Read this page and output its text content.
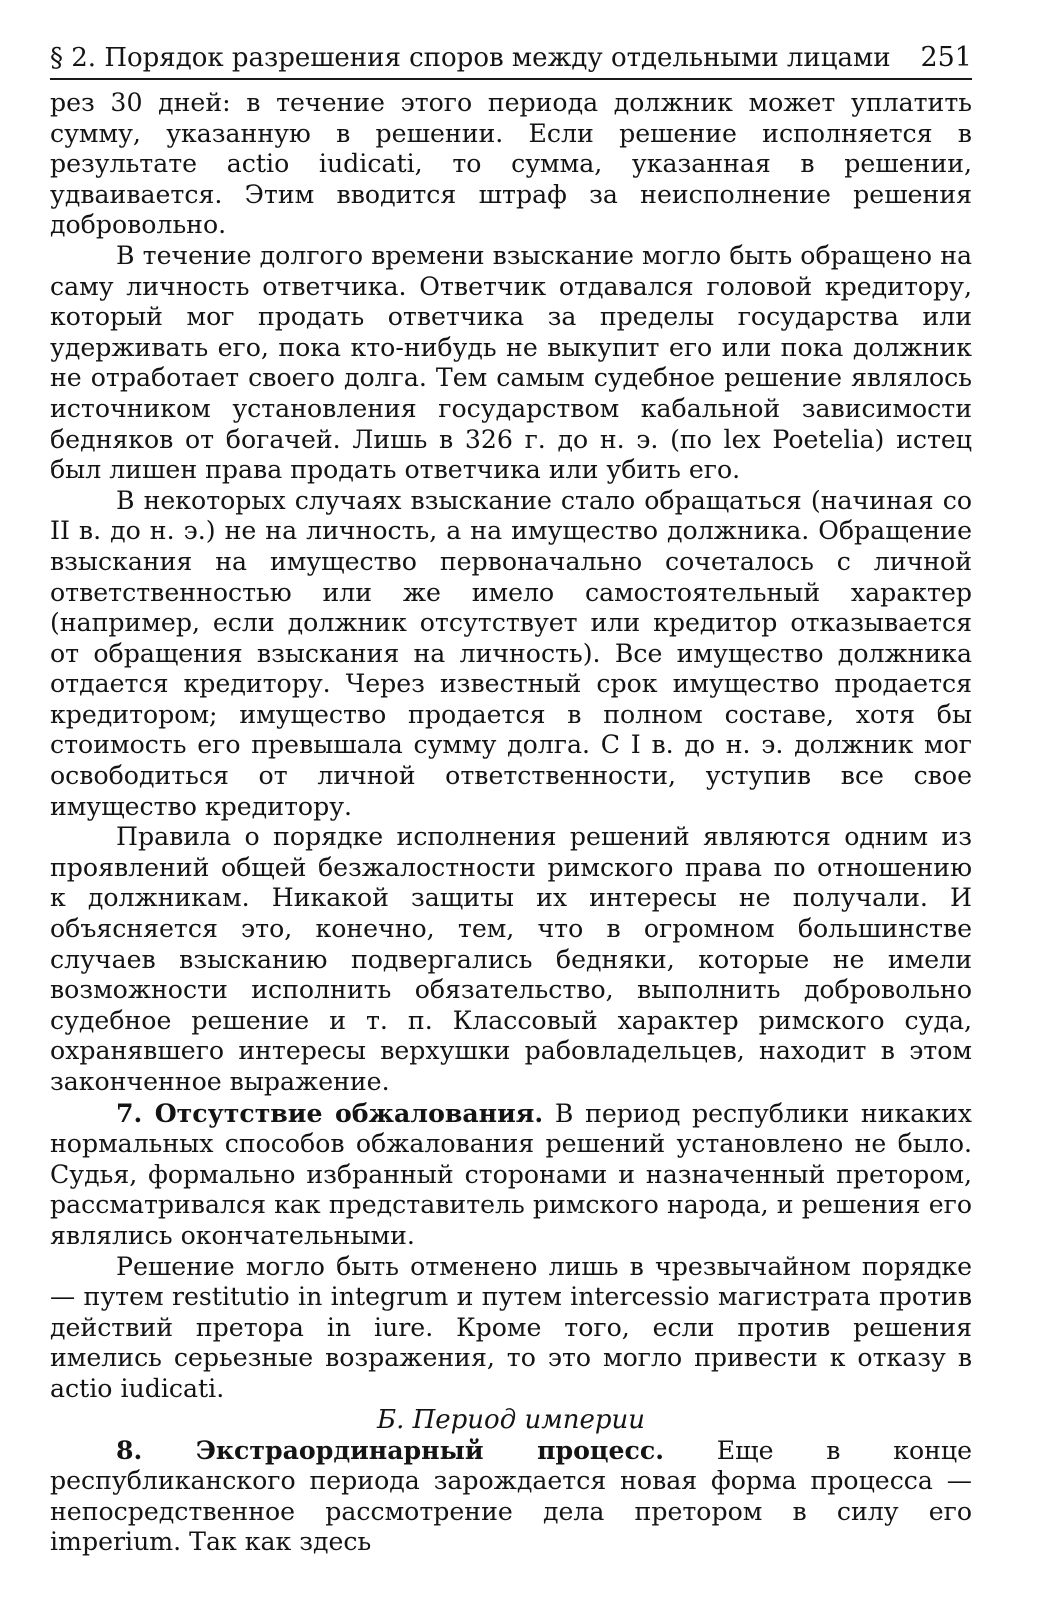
§ 2. Порядок разрешения споров между отдельными лицами 251

рез 30 дней: в течение этого периода должник может уплатить сумму, указанную в решении. Если решение исполняется в результате actio iudicati, то сумма, указанная в решении, удваивается. Этим вводится штраф за неисполнение решения добровольно.

В течение долгого времени взыскание могло быть обращено на саму личность ответчика. Ответчик отдавался головой кредитору, который мог продать ответчика за пределы государства или удерживать его, пока кто-нибудь не выкупит его или пока должник не отработает своего долга. Тем самым судебное решение являлось источником установления государством кабальной зависимости бедняков от богачей. Лишь в 326 г. до н. э. (по lex Poetelia) истец был лишен права продать ответчика или убить его.

В некоторых случаях взыскание стало обращаться (начиная со II в. до н. э.) не на личность, а на имущество должника. Обращение взыскания на имущество первоначально сочеталось с личной ответственностью или же имело самостоятельный характер (например, если должник отсутствует или кредитор отказывается от обращения взыскания на личность). Все имущество должника отдается кредитору. Через известный срок имущество продается кредитором; имущество продается в полном составе, хотя бы стоимость его превышала сумму долга. С I в. до н. э. должник мог освободиться от личной ответственности, уступив все свое имущество кредитору.

Правила о порядке исполнения решений являются одним из проявлений общей безжалостности римского права по отношению к должникам. Никакой защиты их интересы не получали. И объясняется это, конечно, тем, что в огромном большинстве случаев взысканию подвергались бедняки, которые не имели возможности исполнить обязательство, выполнить добровольно судебное решение и т. п. Классовый характер римского суда, охранявшего интересы верхушки рабовладельцев, находит в этом законченное выражение.

7. Отсутствие обжалования. В период республики никаких нормальных способов обжалования решений установлено не было. Судья, формально избранный сторонами и назначенный претором, рассматривался как представитель римского народа, и решения его являлись окончательными.

Решение могло быть отменено лишь в чрезвычайном порядке — путем restitutio in integrum и путем intercessio магистрата против действий претора in iure. Кроме того, если против решения имелись серьезные возражения, то это могло привести к отказу в actio iudicati.

Б. Период империи

8. Экстраординарный процесс. Еще в конце республиканского периода зарождается новая форма процесса — непосредственное рассмотрение дела претором в силу его imperium. Так как здесь
